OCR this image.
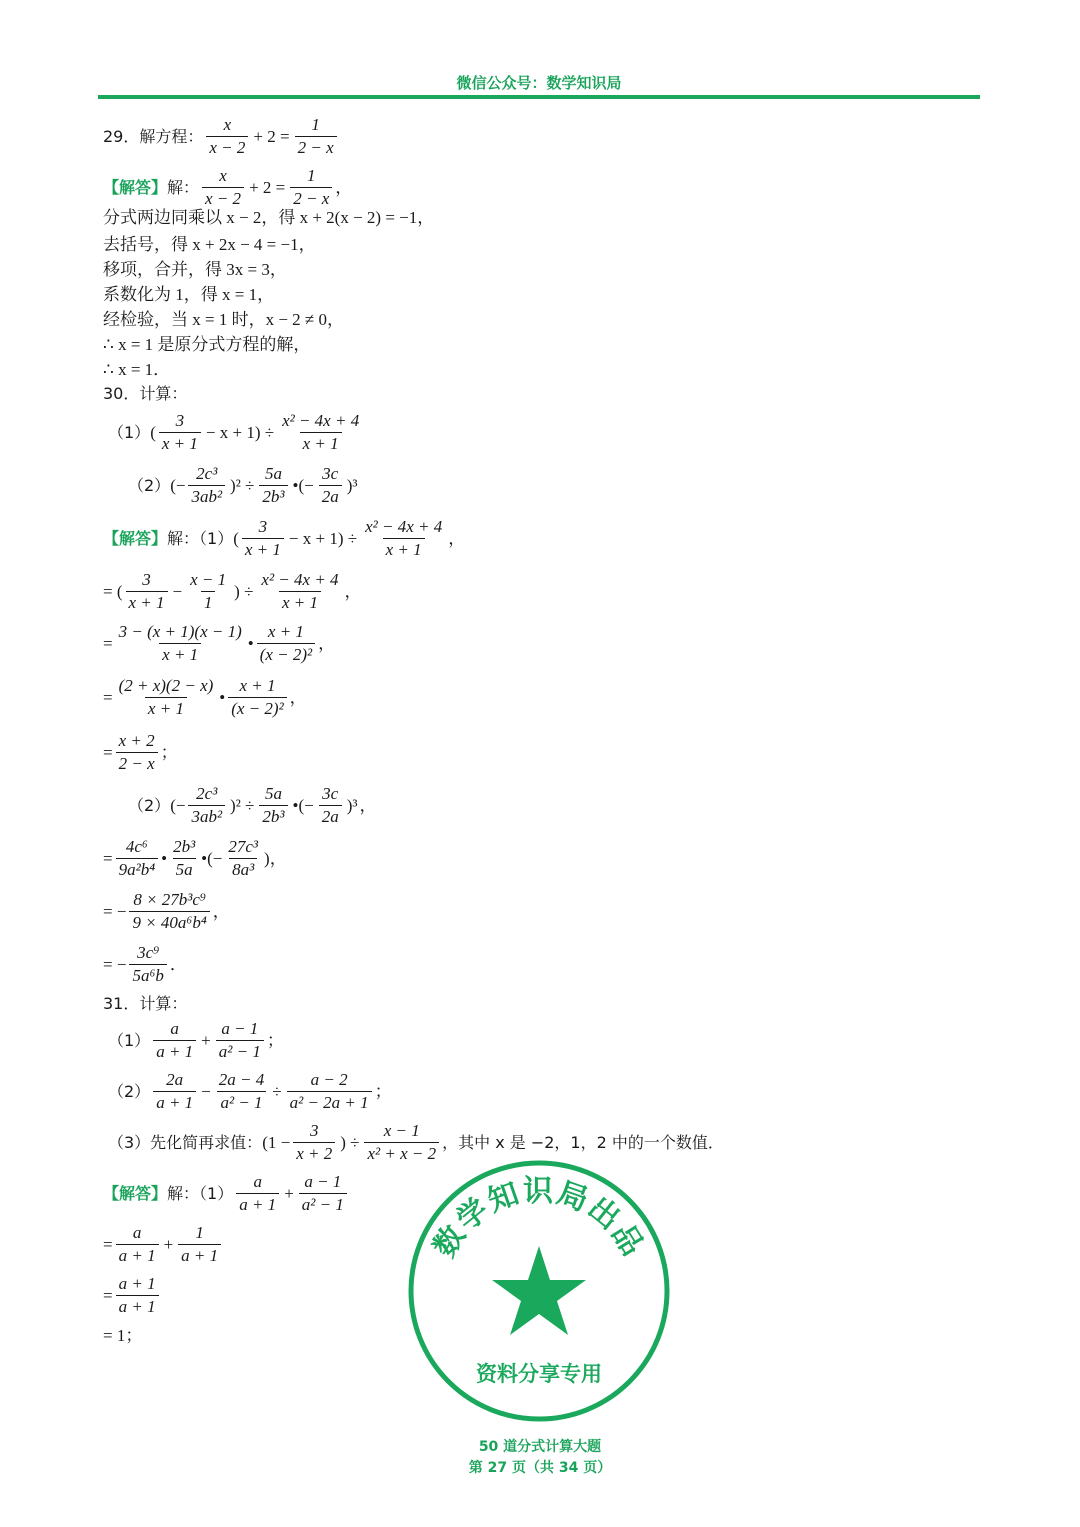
微信公众号：数学知识局
29．解方程： $\frac{x}{x - 2} + 2 = \frac{1}{2 - x}$
【解答】 解： $\frac{x}{x - 2} + 2 = \frac{1}{2 - x}$ ，
分式两边同乘以 x − 2，得 x + 2(x − 2) = −1，
去括号，得 x + 2x − 4 = −1，
移项，合并，得 3x = 3，
系数化为 1，得 x = 1，
经检验，当 x = 1 时，x − 2 ≠ 0，
∴ x = 1 是原分式方程的解，
∴ x = 1．
30．计算：
（1） ( $\frac{3}{x + 1} - x + 1) \div \frac{\text{x² − 4x + 4}}{x + 1}$
（2） (− $\frac{\text{2c³}}{\text{3ab²}} )^2 \div \frac{5a}{\text{2b³}}$ •(− $\frac{3c}{2a} )^3$
【解答】 解：（1） ( $\frac{3}{x + 1} - x + 1) \div \frac{\text{x² − 4x + 4}}{x + 1}$ ，
= ( $\frac{3}{x + 1} - \frac{x - 1}{1}$ ) ÷ $\frac{\text{x² − 4x + 4}}{x + 1}$ ，
= $\frac{3 - (x + 1)(x - 1)}{x + 1}$ • $\frac{x + 1}{\text{(x − 2)²}}$ ，
= $\frac{(2 + x)(2 - x)}{x + 1}$ • $\frac{x + 1}{\text{(x − 2)²}}$ ，
= $\frac{x + 2}{2 - x}$ ；
（2） (− $\frac{\text{2c³}}{\text{3ab²}} )^2 \div \frac{5a}{\text{2b³}}$ •(− $\frac{3c}{2a} )^3$ ，
= $\frac{\text{4c⁶}}{\text{9a²b⁴}}$ • $\frac{\text{2b³}}{5a}$ •(− $\frac{\text{27c³}}{\text{8a³}}$ )，
= − $\frac{\text{8 × 27b³c⁹}}{\text{9 × 40a⁶b⁴}}$ ，
= − $\frac{\text{3c⁹}}{\text{5a⁶b}}$ ．
31．计算：
$(1) \frac{a}{a + 1} + \frac{a - 1}{\text{a² − 1}}$ ；
$(2) \frac{2a}{a + 1} - \frac{2a - 4}{\text{a² − 1}} \div \frac{a - 2}{\text{a² − 2a + 1}}$ ；
（3）先化简再求值： ($1 - \frac{3}{x + 2}$ ) ÷ $\frac{x - 1}{\text{x² + x − 2}}$ ，其中 x 是 −2，1，2 中的一个数值．
【解答】 解：$(1) \frac{a}{a + 1} + \frac{a - 1}{\text{a² − 1}}$
= $\frac{a}{a + 1} + \frac{1}{a + 1}$
= $\frac{a + 1}{a + 1}$
= 1；
数学知识局出品
资料分享专用
50 道分式计算大题
第 27 页（共 34 页）
